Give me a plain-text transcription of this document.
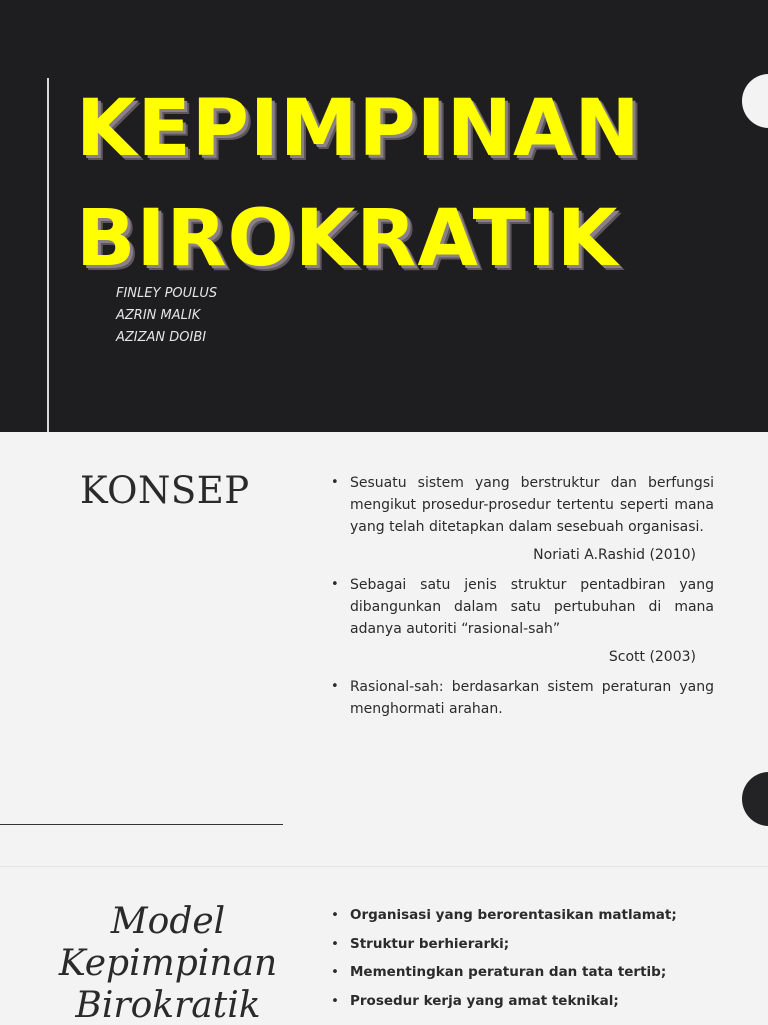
KEPIMPINAN
BIROKRATIK
FINLEY POULUS
AZRIN MALIK
AZIZAN DOIBI
KONSEP
•	Sesuatu sistem yang berstruktur dan berfungsi mengikut prosedur-prosedur tertentu seperti mana yang telah ditetapkan dalam sesebuah organisasi.
Noriati A.Rashid (2010)
• Sebagai satu jenis struktur pentadbiran yang dibangunkan dalam satu pertubuhan di mana adanya autoriti “rasional-sah”
Scott (2003)
• Rasional-sah: berdasarkan sistem peraturan yang menghormati arahan.
Model
Kepimpinan
Birokratik
• Organisasi yang berorentasikan matlamat;
• Struktur berhierarki;
• Mementingkan peraturan dan tata tertib;
• Prosedur kerja yang amat teknikal;
